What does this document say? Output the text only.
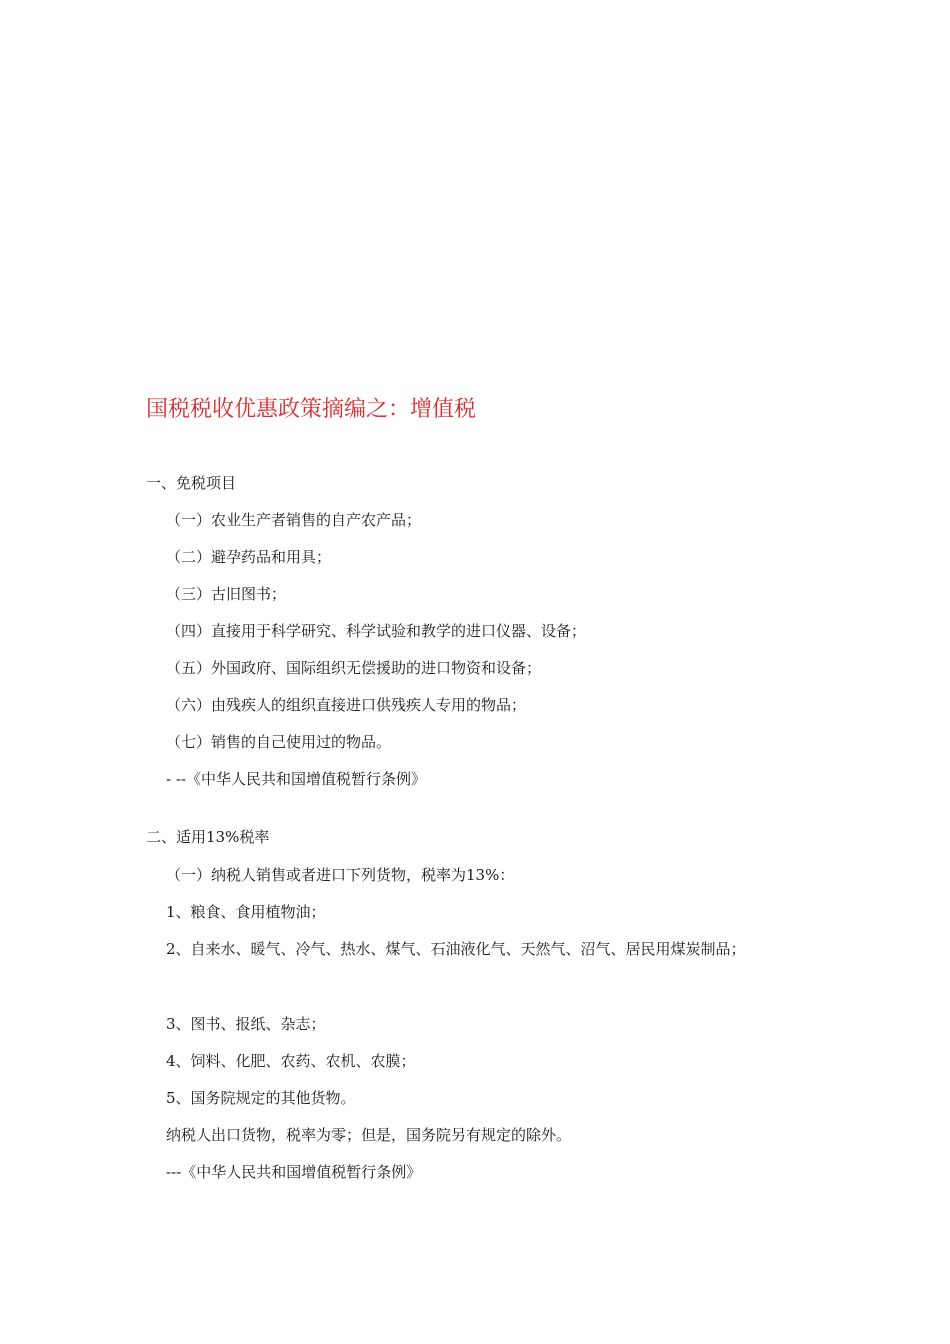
国税税收优惠政策摘编之：增值税
一、免税项目
（一）农业生产者销售的自产农产品；
（二）避孕药品和用具；
（三）古旧图书；
（四）直接用于科学研究、科学试验和教学的进口仪器、设备；
（五）外国政府、国际组织无偿援助的进口物资和设备；
（六）由残疾人的组织直接进口供残疾人专用的物品；
（七）销售的自己使用过的物品。
- --《中华人民共和国增值税暂行条例》
二、适用13%税率
（一）纳税人销售或者进口下列货物，税率为13%：
1、粮食、食用植物油；
2、自来水、暖气、冷气、热水、煤气、石油液化气、天然气、沼气、居民用煤炭制品；
3、图书、报纸、杂志；
4、饲料、化肥、农药、农机、农膜；
5、国务院规定的其他货物。
纳税人出口货物，税率为零；但是，国务院另有规定的除外。
---《中华人民共和国增值税暂行条例》
